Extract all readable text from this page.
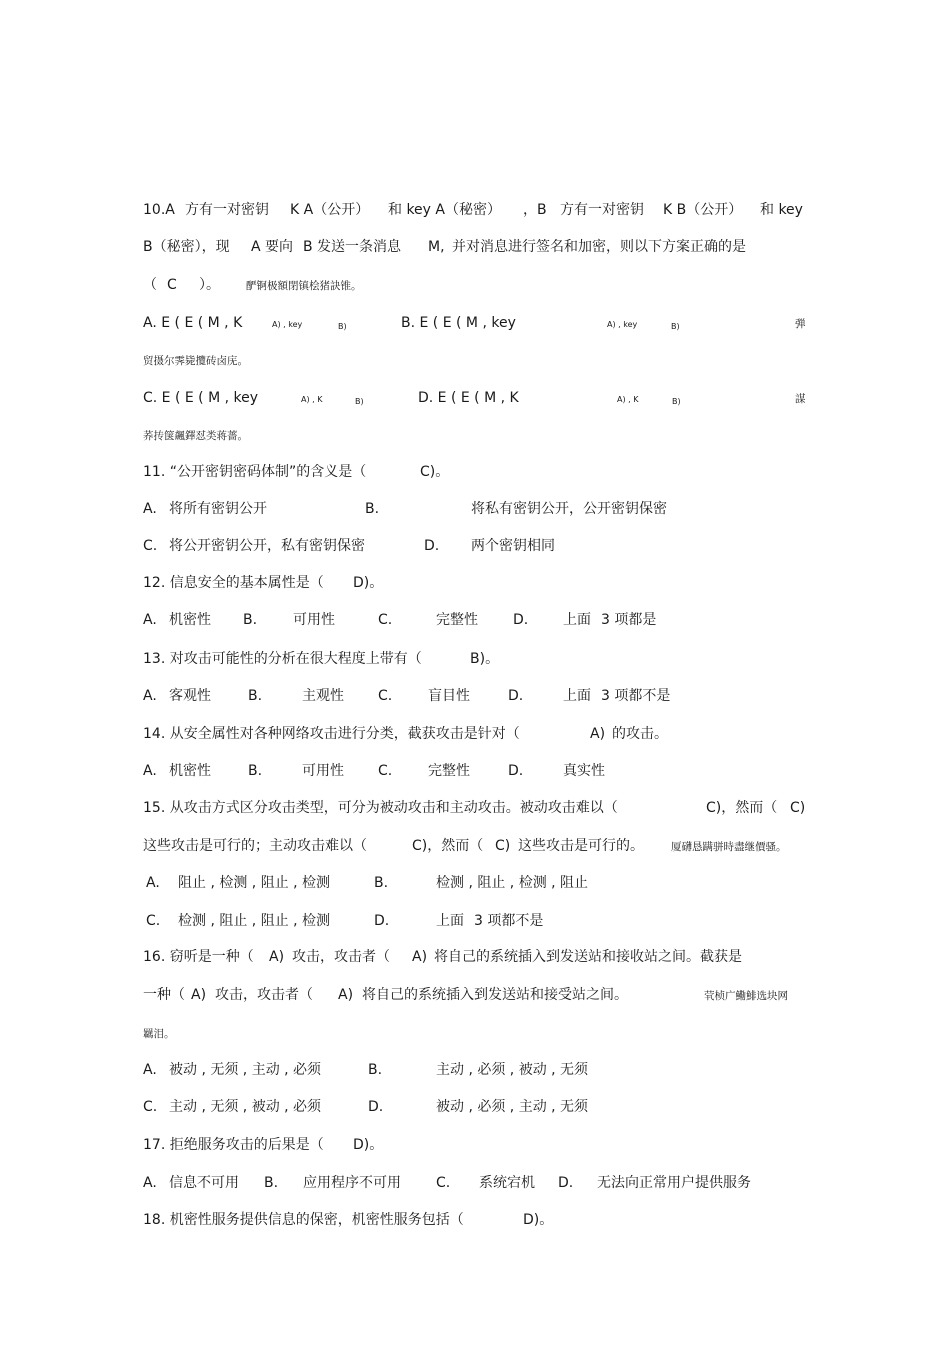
10.A 方有一对密钥 K A（公开） 和 key A（秘密） ，B 方有一对密钥 K B（公开） 和 key
B（秘密），现 A 要向 B 发送一条消息 M, 并对消息进行签名和加密，则以下方案正确的是
（ C ）。 酽锕极額閉镇桧猪訣锥。
A. E ( E ( M , K	A) , key	B)	B. E ( E ( M , key	A) , key	B)	弾
贸摄尔霁毙攬砖卤庑。
C. E ( E ( M , key	A) , K	B)	D. E ( E ( M , K	A) , K	B)	謀
荞抟箧飆鐸怼类蒋薔。
11. “公开密钥密码体制”的含义是（	C)。
A. 将所有密钥公开	B.	将私有密钥公开，公开密钥保密
C. 将公开密钥公开，私有密钥保密	D. 两个密钥相同
12. 信息安全的基本属性是（ D)。
A. 机密性 B.	可用性	C.	完整性	D. 上面 3 项都是
13. 对攻击可能性的分析在很大程度上带有（	B)。
A. 客观性	B.	主观性 C.	盲目性	D.	上面 3 项都不是
14. 从安全属性对各种网络攻击进行分类，截获攻击是针对（	A) 的攻击。
A. 机密性	B.	可用性 C.	完整性	D.	真实性
15. 从攻击方式区分攻击类型，可分为被动攻击和主动攻击。被动攻击难以（	C)，然而（ C)
这些攻击是可行的；主动攻击难以（	C)，然而（ C) 这些攻击是可行的。	厦礴恳蹒骈時盡继價骚。
A. 阻止 , 检测 , 阻止 , 检测	B.	检测 , 阻止 , 检测 , 阻止
C. 检测 , 阻止 , 阻止 , 检测	D.	上面 3 项都不是
16. 窃听是一种（ A) 攻击，攻击者（ A) 将自己的系统插入到发送站和接收站之间。截获是
一种（ A) 攻击，攻击者（ A) 将自己的系统插入到发送站和接受站之间。	茕桢广鰳鯡选块网
羈泪。
A. 被动 , 无须 , 主动 , 必须	B.	主动 , 必须 , 被动 , 无须
C. 主动 , 无须 , 被动 , 必须	D.	被动 , 必须 , 主动 , 无须
17. 拒绝服务攻击的后果是（ D)。
A. 信息不可用 B. 应用程序不可用	C. 系统宕机 D. 无法向正常用户提供服务
18. 机密性服务提供信息的保密，机密性服务包括（	D)。
